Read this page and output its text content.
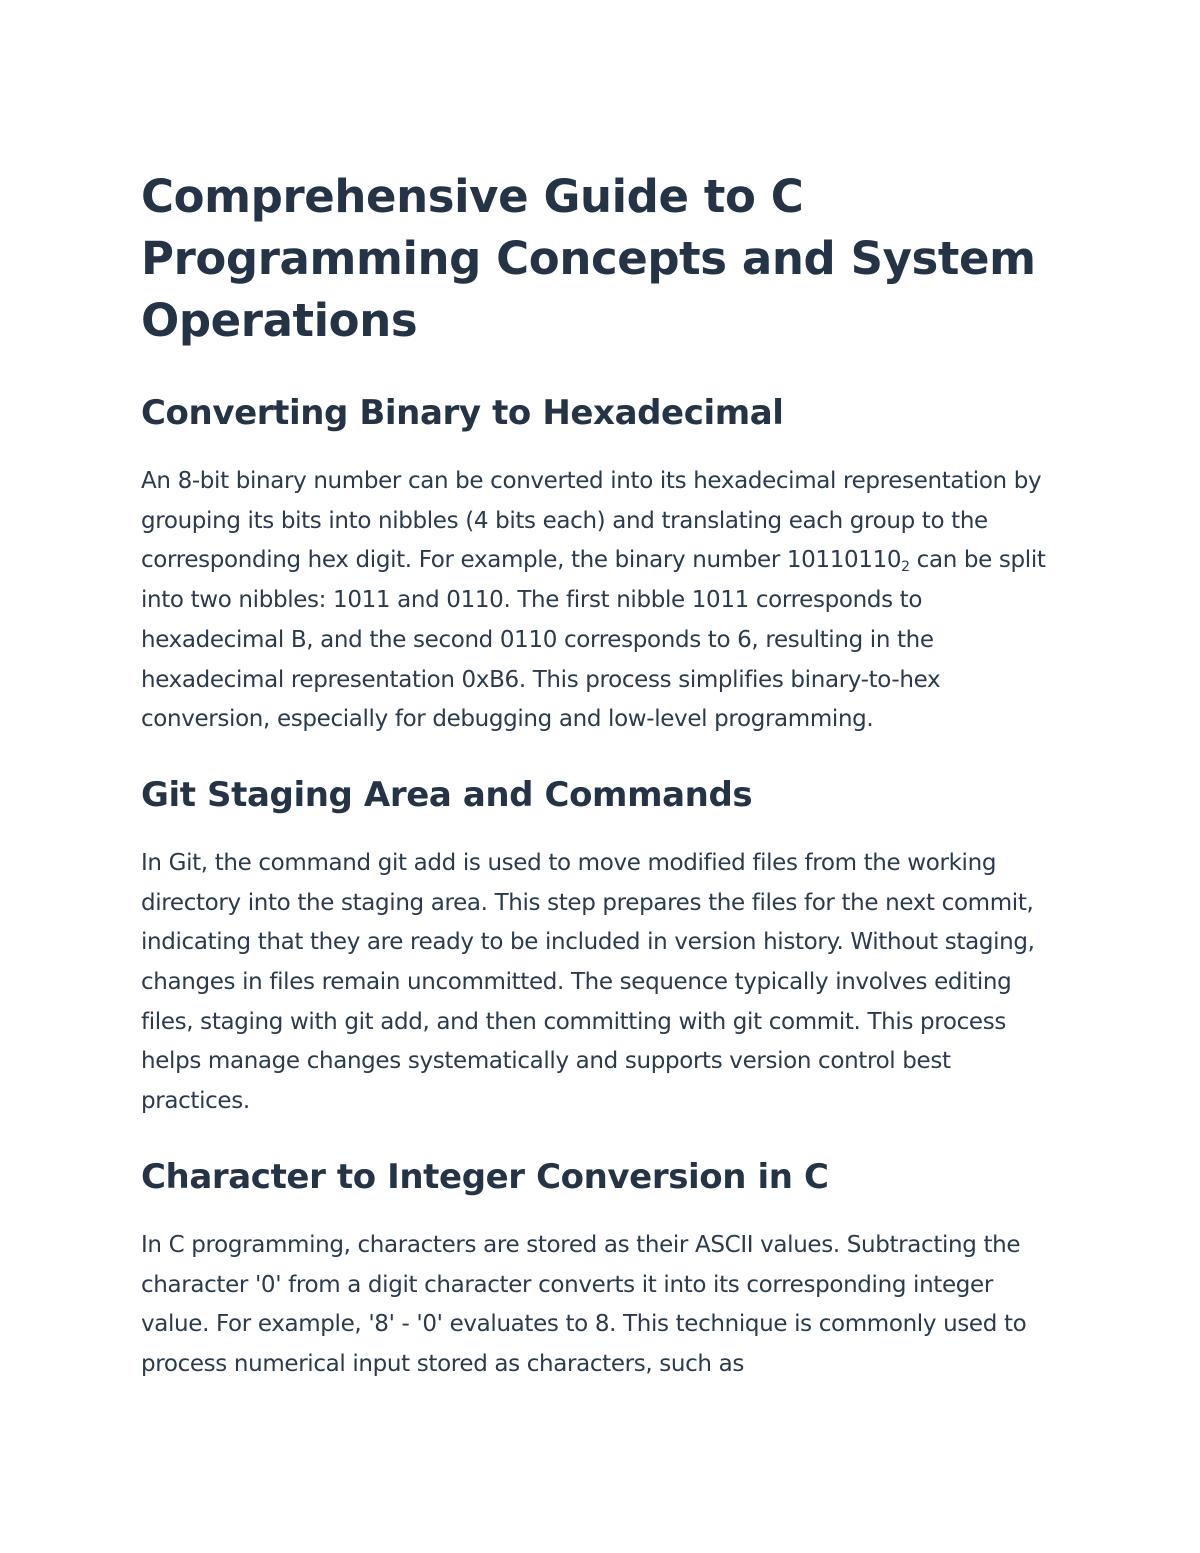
Comprehensive Guide to C Programming Concepts and System Operations
Converting Binary to Hexadecimal

An 8-bit binary number can be converted into its hexadecimal representation by grouping its bits into nibbles (4 bits each) and translating each group to the corresponding hex digit. For example, the binary number $10110110_2$ can be split into two nibbles: 1011 and 0110. The first nibble 1011 corresponds to hexadecimal B, and the second 0110 corresponds to 6, resulting in the hexadecimal representation 0xB6. This process simplifies binary-to-hex conversion, especially for debugging and low-level programming.

Git Staging Area and Commands

In Git, the command git add is used to move modified files from the working directory into the staging area. This step prepares the files for the next commit, indicating that they are ready to be included in version history. Without staging, changes in files remain uncommitted. The sequence typically involves editing files, staging with git add, and then committing with git commit. This process helps manage changes systematically and supports version control best practices.

Character to Integer Conversion in C

In C programming, characters are stored as their ASCII values. Subtracting the character '0' from a digit character converts it into its corresponding integer value. For example, '8' - '0' evaluates to 8. This technique is commonly used to process numerical input stored as characters, such as
